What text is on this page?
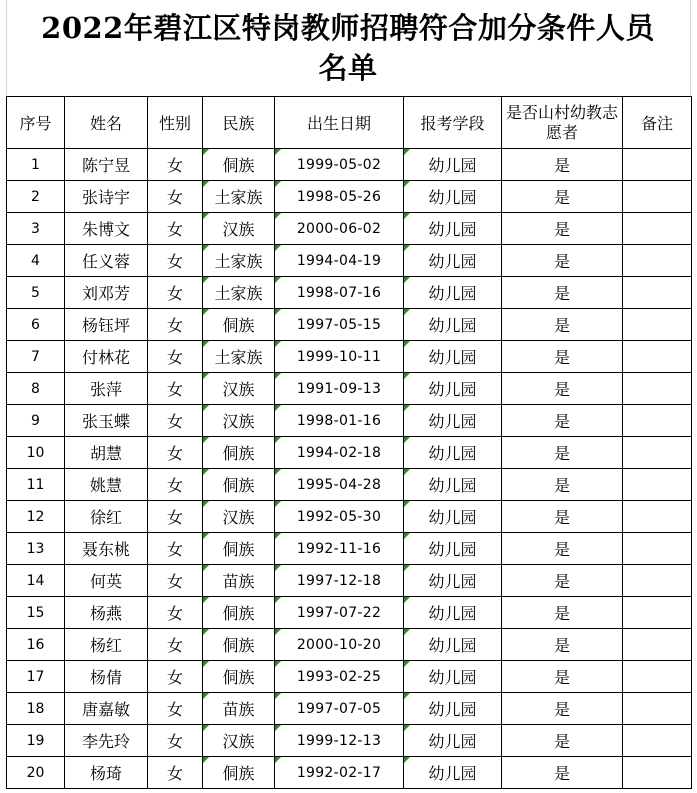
2022年碧江区特岗教师招聘符合加分条件人员名单
序号	姓名	性别	民族	出生日期	报考学段	是否山村幼教志愿者	备注
1	陈宁昱	女	侗族	1999-05-02	幼儿园	是	
2	张诗宇	女	土家族	1998-05-26	幼儿园	是	
3	朱博文	女	汉族	2000-06-02	幼儿园	是	
4	任义蓉	女	土家族	1994-04-19	幼儿园	是	
5	刘邓芳	女	土家族	1998-07-16	幼儿园	是	
6	杨钰坪	女	侗族	1997-05-15	幼儿园	是	
7	付林花	女	土家族	1999-10-11	幼儿园	是	
8	张萍	女	汉族	1991-09-13	幼儿园	是	
9	张玉蝶	女	汉族	1998-01-16	幼儿园	是	
10	胡慧	女	侗族	1994-02-18	幼儿园	是	
11	姚慧	女	侗族	1995-04-28	幼儿园	是	
12	徐红	女	汉族	1992-05-30	幼儿园	是	
13	聂东桃	女	侗族	1992-11-16	幼儿园	是	
14	何英	女	苗族	1997-12-18	幼儿园	是	
15	杨燕	女	侗族	1997-07-22	幼儿园	是	
16	杨红	女	侗族	2000-10-20	幼儿园	是	
17	杨倩	女	侗族	1993-02-25	幼儿园	是	
18	唐嘉敏	女	苗族	1997-07-05	幼儿园	是	
19	李先玲	女	汉族	1999-12-13	幼儿园	是	
20	杨琦	女	侗族	1992-02-17	幼儿园	是	
